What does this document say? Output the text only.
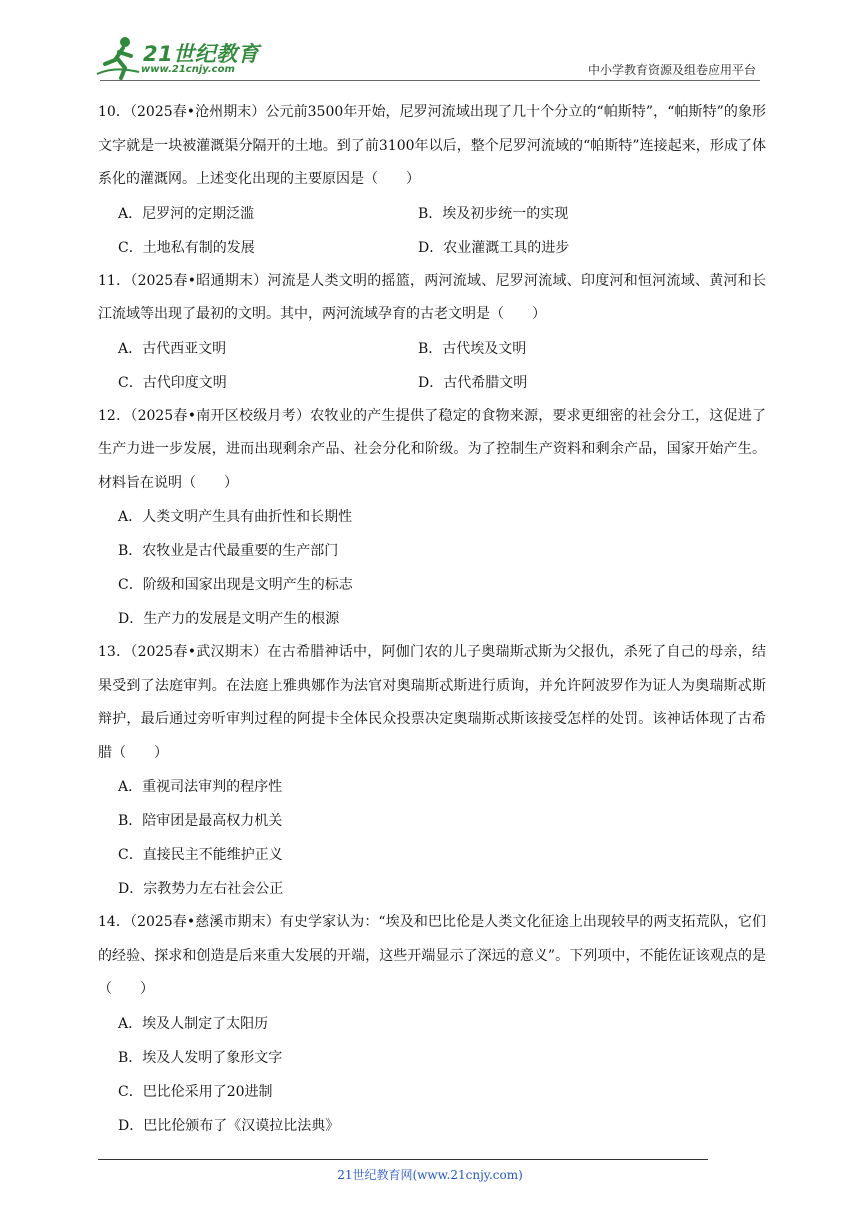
21世纪教育
www.21cnjy.com	中小学教育资源及组卷应用平台

10．（2025春•沧州期末）公元前3500年开始，尼罗河流域出现了几十个分立的“帕斯特”，“帕斯特”的象形文字就是一块被灌溉渠分隔开的土地。到了前3100年以后，整个尼罗河流域的“帕斯特”连接起来，形成了体系化的灌溉网。上述变化出现的主要原因是（　　）

A．尼罗河的定期泛滥	B．埃及初步统一的实现
C．土地私有制的发展	D．农业灌溉工具的进步

11．（2025春•昭通期末）河流是人类文明的摇篮，两河流域、尼罗河流域、印度河和恒河流域、黄河和长江流域等出现了最初的文明。其中，两河流域孕育的古老文明是（　　）

A．古代西亚文明	B．古代埃及文明
C．古代印度文明	D．古代希腊文明

12．（2025春•南开区校级月考）农牧业的产生提供了稳定的食物来源，要求更细密的社会分工，这促进了生产力进一步发展，进而出现剩余产品、社会分化和阶级。为了控制生产资料和剩余产品，国家开始产生。材料旨在说明（　　）

A．人类文明产生具有曲折性和长期性
B．农牧业是古代最重要的生产部门
C．阶级和国家出现是文明产生的标志
D．生产力的发展是文明产生的根源

13．（2025春•武汉期末）在古希腊神话中，阿伽门农的儿子奥瑞斯忒斯为父报仇，杀死了自己的母亲，结果受到了法庭审判。在法庭上雅典娜作为法官对奥瑞斯忒斯进行质询，并允许阿波罗作为证人为奥瑞斯忒斯辩护，最后通过旁听审判过程的阿提卡全体民众投票决定奥瑞斯忒斯该接受怎样的处罚。该神话体现了古希腊（　　）

A．重视司法审判的程序性
B．陪审团是最高权力机关
C．直接民主不能维护正义
D．宗教势力左右社会公正

14．（2025春•慈溪市期末）有史学家认为：“埃及和巴比伦是人类文化征途上出现较早的两支拓荒队，它们的经验、探求和创造是后来重大发展的开端，这些开端显示了深远的意义”。下列项中，不能佐证该观点的是（　　）

A．埃及人制定了太阳历
B．埃及人发明了象形文字
C．巴比伦采用了20进制
D．巴比伦颁布了《汉谟拉比法典》
21世纪教育网(www.21cnjy.com)
